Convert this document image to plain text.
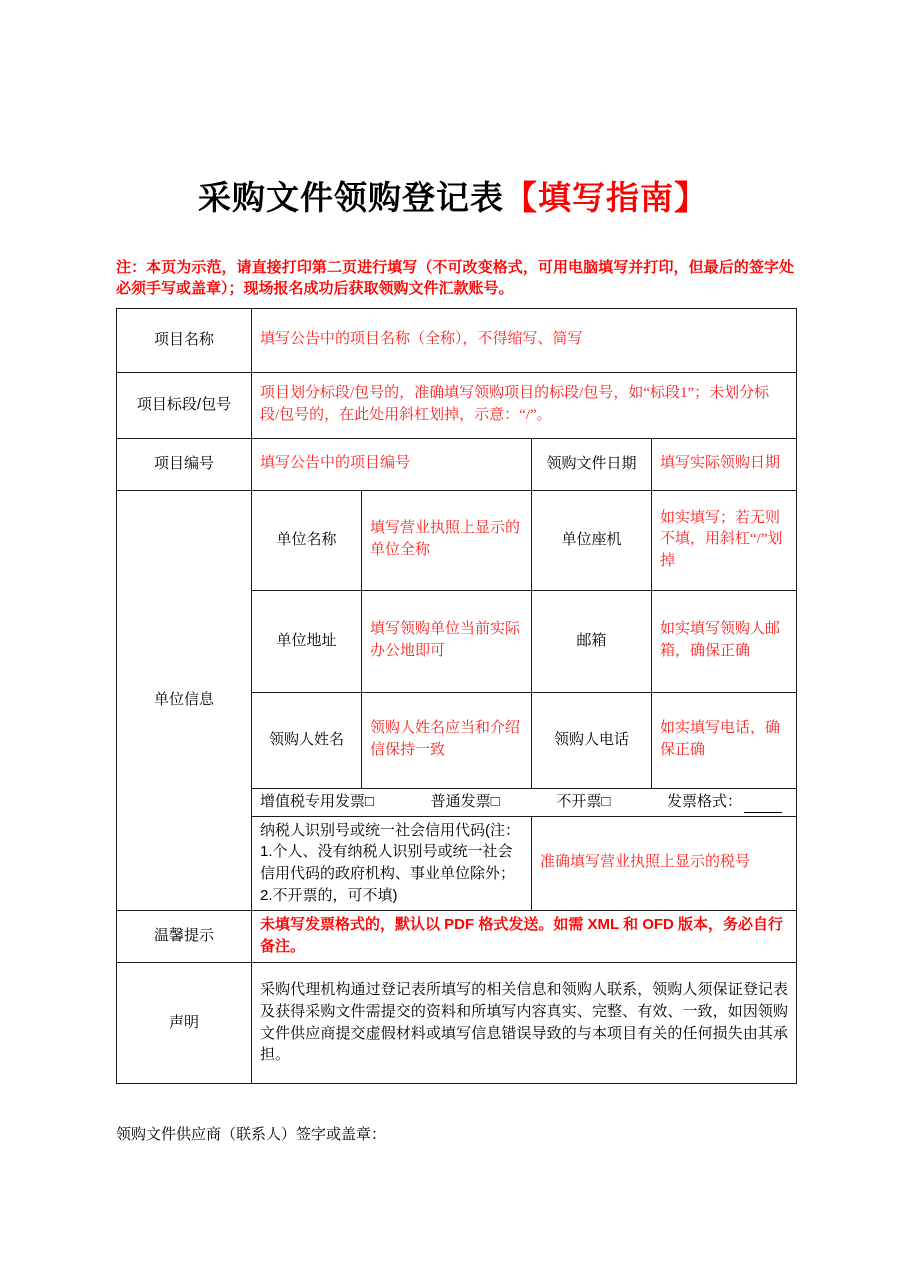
采购文件领购登记表【填写指南】

注：本页为示范，请直接打印第二页进行填写（不可改变格式，可用电脑填写并打印，但最后的签字处必须手写或盖章）；现场报名成功后获取领购文件汇款账号。

项目名称	填写公告中的项目名称（全称），不得缩写、简写			
项目标段/包号	项目划分标段/包号的，准确填写领购项目的标段/包号，如“标段1”；未划分标段/包号的，在此处用斜杠划掉，示意：“/”。			
项目编号	填写公告中的项目编号		领购文件日期	填写实际领购日期
单位信息	单位名称	填写营业执照上显示的单位全称	单位座机	如实填写；若无则不填，用斜杠“/”划掉
	单位地址	填写领购单位当前实际办公地即可	邮箱	如实填写领购人邮箱，确保正确
	领购人姓名	领购人姓名应当和介绍信保持一致	领购人电话	如实填写电话，确保正确

	增值税专用发票□ 普通发票□ 不开票□ 发票格式：			

	纳税人识别号或统一社会信用代码(注：1.个人、没有纳税人识别号或统一社会信用代码的政府机构、事业单位除外；2.不开票的，可不填)		准确填写营业执照上显示的税号	
温馨提示	未填写发票格式的，默认以 PDF 格式发送。如需 XML 和 OFD 版本，务必自行备注。			
声明	采购代理机构通过登记表所填写的相关信息和领购人联系，领购人须保证登记表及获得采购文件需提交的资料和所填写内容真实、完整、有效、一致，如因领购文件供应商提交虚假材料或填写信息错误导致的与本项目有关的任何损失由其承担。			

领购文件供应商（联系人）签字或盖章：
